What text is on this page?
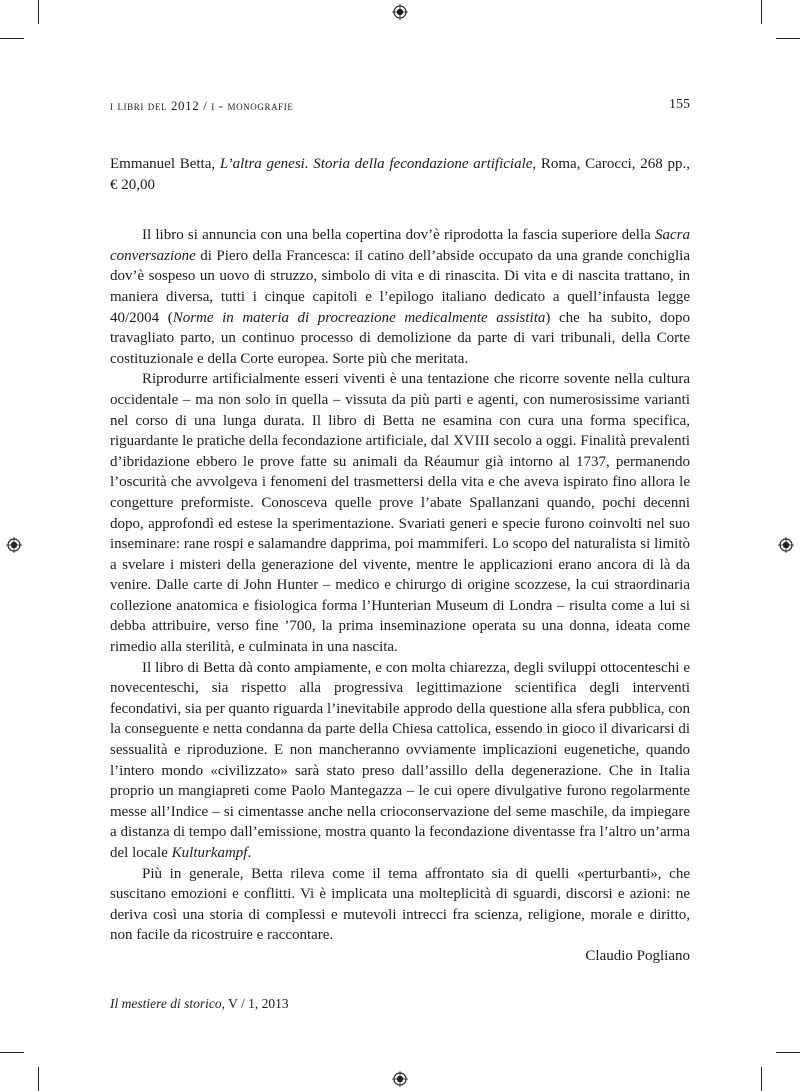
i libri del 2012 / i - monografie	155

Emmanuel Betta, L’altra genesi. Storia della fecondazione artificiale, Roma, Carocci, 268 pp., € 20,00

Il libro si annuncia con una bella copertina dov’è riprodotta la fascia superiore della Sacra conversazione di Piero della Francesca: il catino dell’abside occupato da una grande conchiglia dov’è sospeso un uovo di struzzo, simbolo di vita e di rinascita. Di vita e di nascita trattano, in maniera diversa, tutti i cinque capitoli e l’epilogo italiano dedicato a quell’infausta legge 40/2004 (Norme in materia di procreazione medicalmente assistita) che ha subito, dopo travagliato parto, un continuo processo di demolizione da parte di vari tribunali, della Corte costituzionale e della Corte europea. Sorte più che meritata.

Riprodurre artificialmente esseri viventi è una tentazione che ricorre sovente nella cultura occidentale – ma non solo in quella – vissuta da più parti e agenti, con numerosissime varianti nel corso di una lunga durata. Il libro di Betta ne esamina con cura una forma specifica, riguardante le pratiche della fecondazione artificiale, dal XVIII secolo a oggi. Finalità prevalenti d’ibridazione ebbero le prove fatte su animali da Réaumur già intorno al 1737, permanendo l’oscurità che avvolgeva i fenomeni del trasmettersi della vita e che aveva ispirato fino allora le congetture preformiste. Conosceva quelle prove l’abate Spallanzani quando, pochi decenni dopo, approfondì ed estese la sperimentazione. Svariati generi e specie furono coinvolti nel suo inseminare: rane rospi e salamandre dapprima, poi mammiferi. Lo scopo del naturalista si limitò a svelare i misteri della generazione del vivente, mentre le applicazioni erano ancora di là da venire. Dalle carte di John Hunter – medico e chirurgo di origine scozzese, la cui straordinaria collezione anatomica e fisiologica forma l’Hunterian Museum di Londra – risulta come a lui si debba attribuire, verso fine ’700, la prima inseminazione operata su una donna, ideata come rimedio alla sterilità, e culminata in una nascita.

Il libro di Betta dà conto ampiamente, e con molta chiarezza, degli sviluppi ottocenteschi e novecenteschi, sia rispetto alla progressiva legittimazione scientifica degli interventi fecondativi, sia per quanto riguarda l’inevitabile approdo della questione alla sfera pubblica, con la conseguente e netta condanna da parte della Chiesa cattolica, essendo in gioco il divaricarsi di sessualità e riproduzione. E non mancheranno ovviamente implicazioni eugenetiche, quando l’intero mondo «civilizzato» sarà stato preso dall’assillo della degenerazione. Che in Italia proprio un mangiapreti come Paolo Mantegazza – le cui opere divulgative furono regolarmente messe all’Indice – si cimentasse anche nella crioconservazione del seme maschile, da impiegare a distanza di tempo dall’emissione, mostra quanto la fecondazione diventasse fra l’altro un’arma del locale Kulturkampf.

Più in generale, Betta rileva come il tema affrontato sia di quelli «perturbanti», che suscitano emozioni e conflitti. Vi è implicata una molteplicità di sguardi, discorsi e azioni: ne deriva così una storia di complessi e mutevoli intrecci fra scienza, religione, morale e diritto, non facile da ricostruire e raccontare.

Claudio Pogliano

Il mestiere di storico, V / 1, 2013
